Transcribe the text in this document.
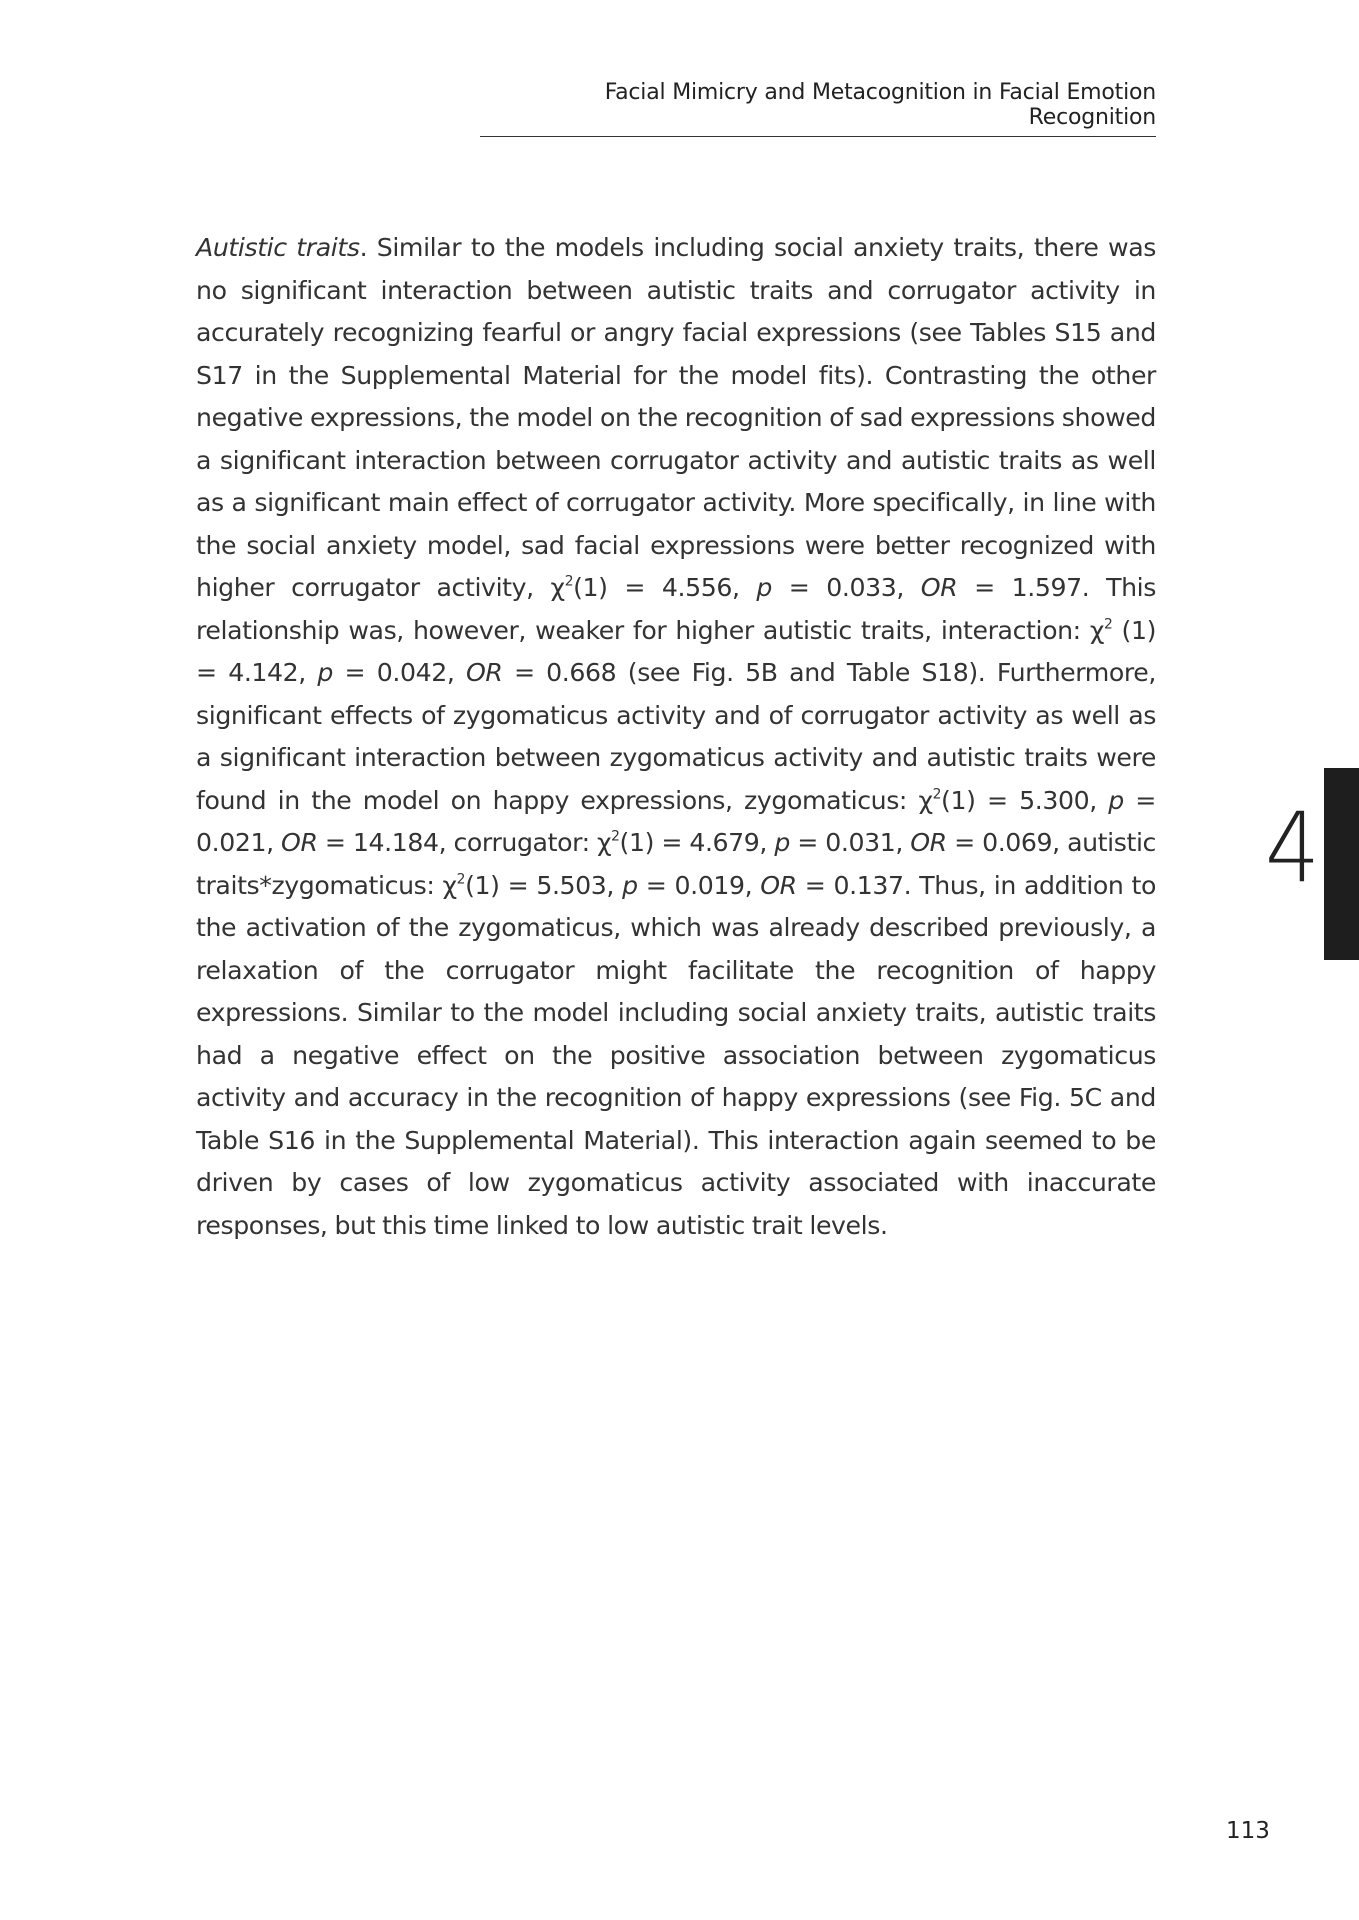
Facial Mimicry and Metacognition in Facial Emotion Recognition

Autistic traits. Similar to the models including social anxiety traits, there was no significant interaction between autistic traits and corrugator activity in accurately recognizing fearful or angry facial expressions (see Tables S15 and S17 in the Supplemental Material for the model fits). Contrasting the other negative expressions, the model on the recognition of sad expressions showed a significant interaction between corrugator activity and autistic traits as well as a significant main effect of corrugator activity. More specifically, in line with the social anxiety model, sad facial expressions were better recognized with higher corrugator activity, $\chi^2(1) = 4.556$, p = 0.033, OR = 1.597. This relationship was, however, weaker for higher autistic traits, interaction: $\chi^2$ (1) = 4.142, p = 0.042, OR = 0.668 (see Fig. 5B and Table S18). Furthermore, significant effects of zygomaticus activity and of corrugator activity as well as a significant interaction between zygomaticus activity and autistic traits were found in the model on happy expressions, zygomaticus: $\chi^2(1) = 5.300$, p = 0.021, OR = 14.184, corrugator: $\chi^2(1) = 4.679$, p = 0.031, OR = 0.069, autistic traits*zygomaticus: $\chi^2(1) = 5.503$, p = 0.019, OR = 0.137. Thus, in addition to the activation of the zygomaticus, which was already described previously, a relaxation of the corrugator might facilitate the recognition of happy expressions. Similar to the model including social anxiety traits, autistic traits had a negative effect on the positive association between zygomaticus activity and accuracy in the recognition of happy expressions (see Fig. 5C and Table S16 in the Supplemental Material). This interaction again seemed to be driven by cases of low zygomaticus activity associated with inaccurate responses, but this time linked to low autistic trait levels.

4
113
